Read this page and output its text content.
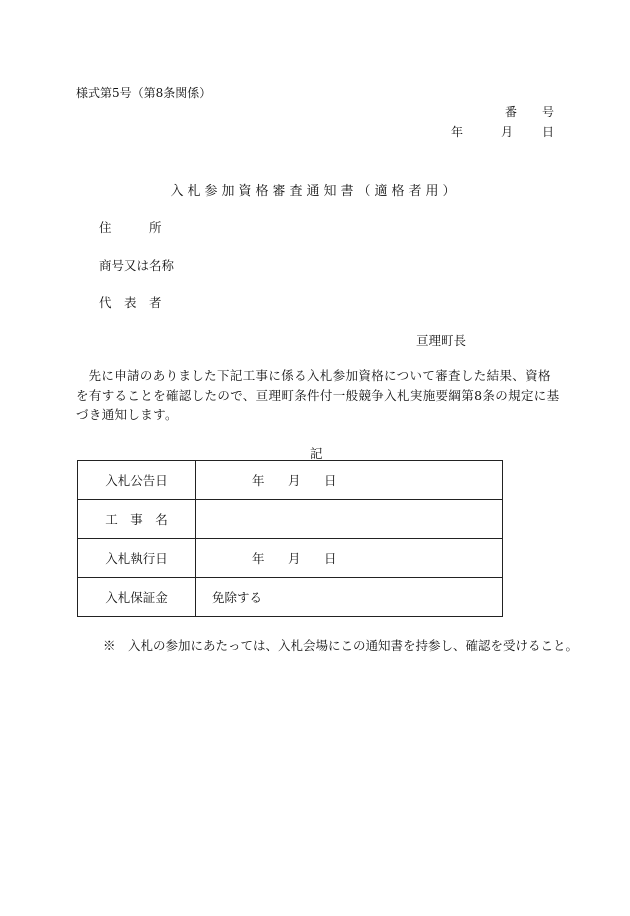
様式第5号（第8条関係）
番	号
年	月	日
入札参加資格審査通知書（適格者用）
住　　　所
商号又は名称
代　表　者
亘理町長
先に申請のありました下記工事に係る入札参加資格について審査した結果、資格を有することを確認したので、亘理町条件付一般競争入札実施要綱第8条の規定に基づき通知します。
記
入札公告日	年 月 日

工　事　名	
入札執行日	年 月 日

入札保証金	免除する
※　入札の参加にあたっては、入札会場にこの通知書を持参し、確認を受けること。
